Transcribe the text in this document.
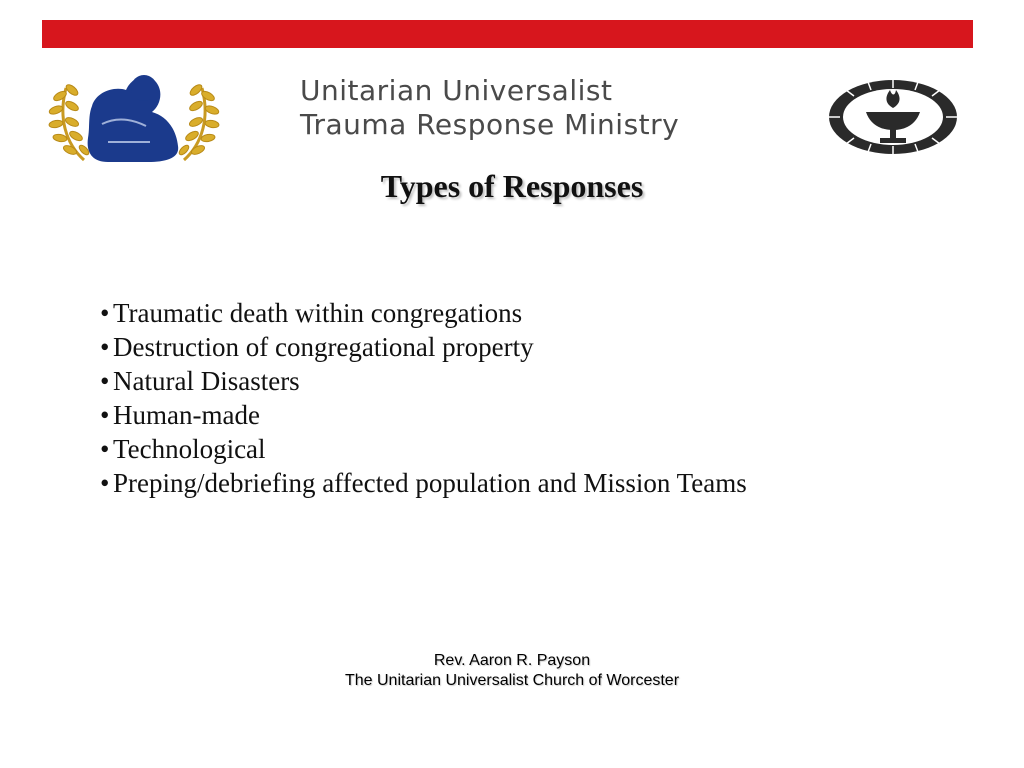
Unitarian Universalist
Trauma Response Ministry
Types of Responses
• Traumatic death within congregations
• Destruction of congregational property
• Natural Disasters
• Human-made
• Technological
• Preping/debriefing affected population and Mission Teams
Rev. Aaron R. Payson
The Unitarian Universalist Church of Worcester
